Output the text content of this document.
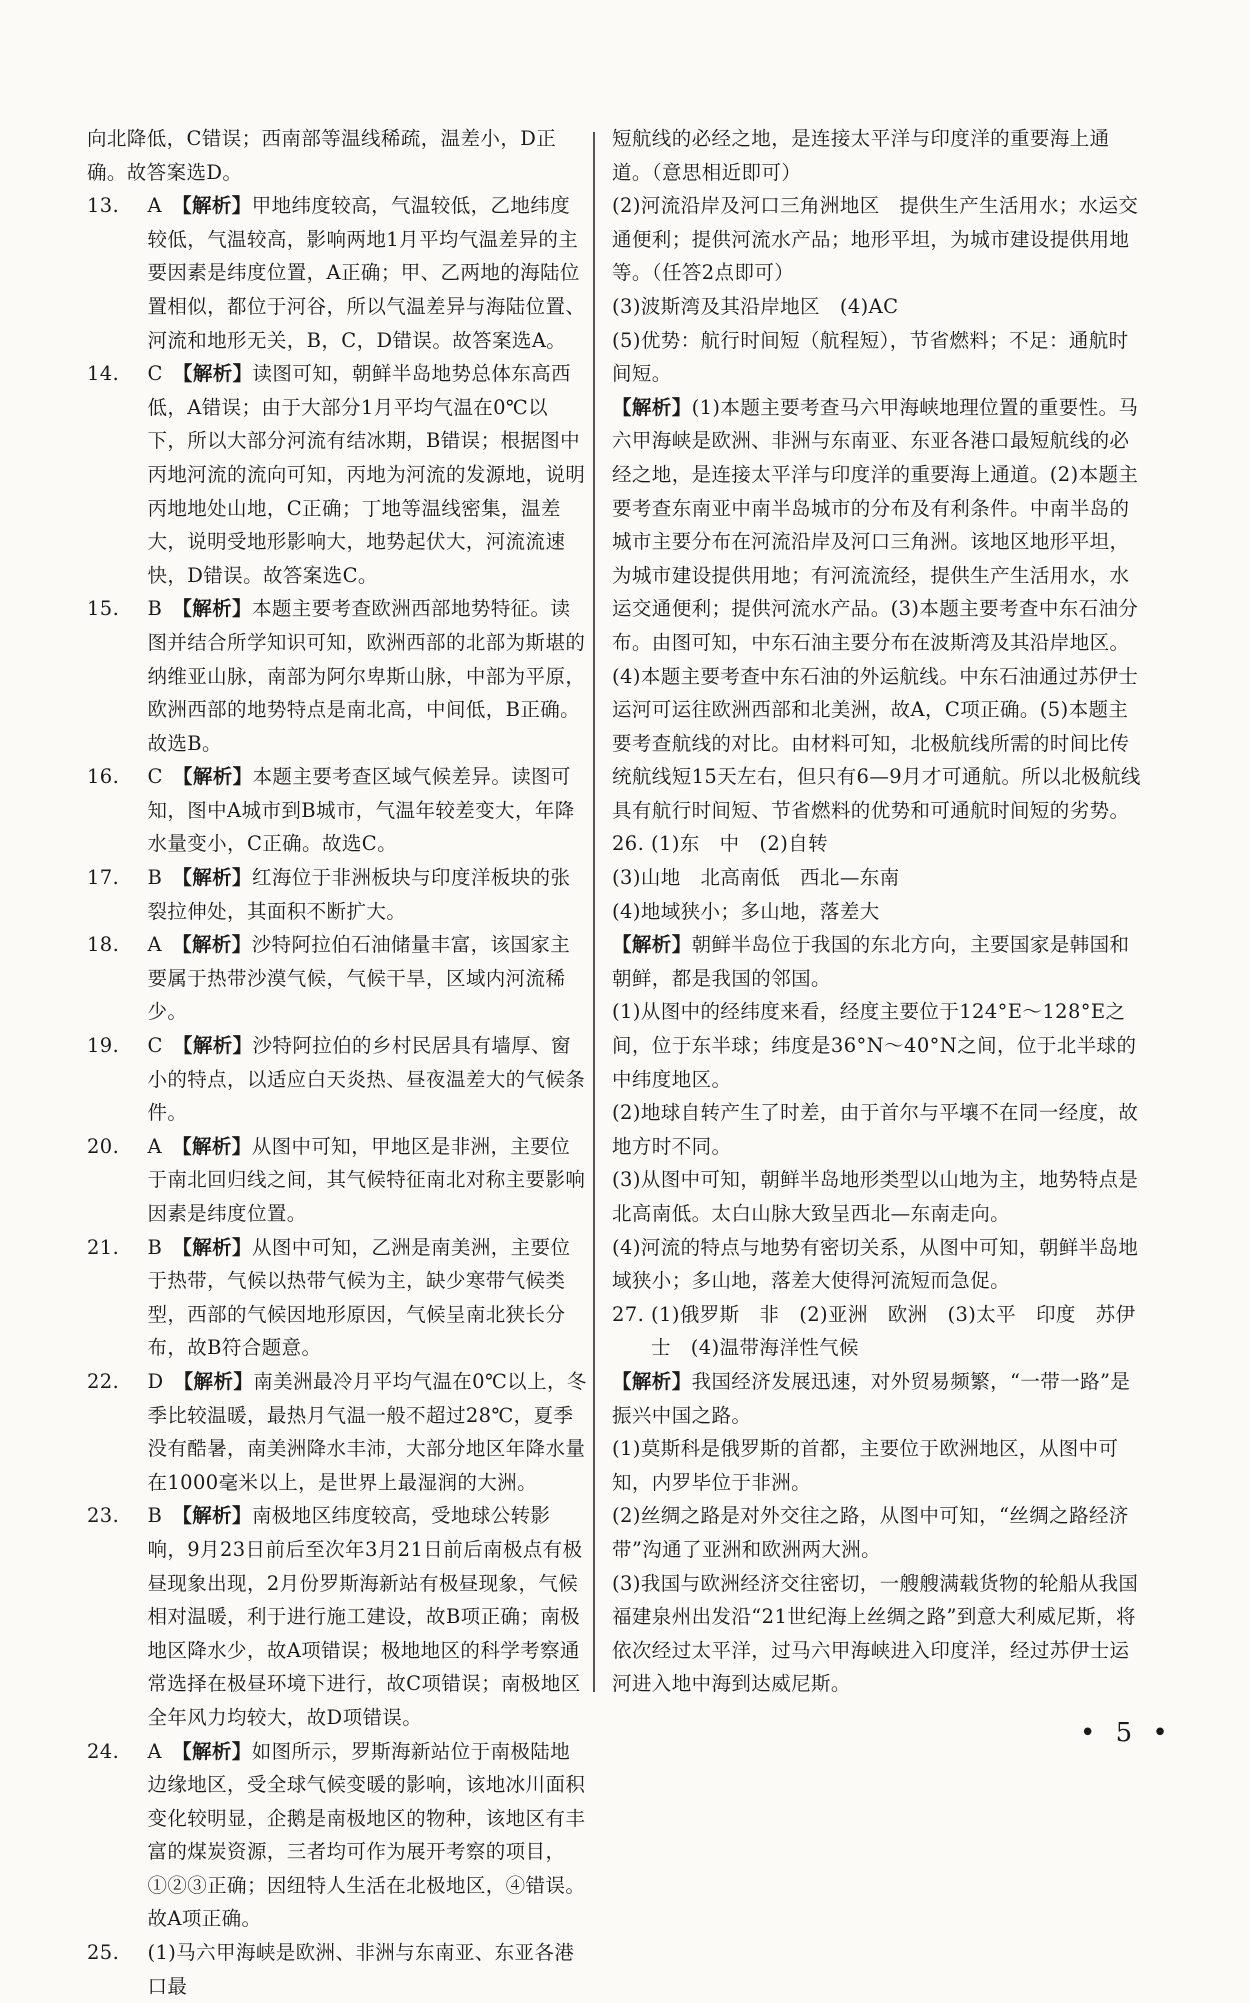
向北降低，C错误；西南部等温线稀疏，温差小，D正确。故答案选D。

13. A  【解析】甲地纬度较高，气温较低，乙地纬度较低，气温较高，影响两地1月平均气温差异的主要因素是纬度位置，A正确；甲、乙两地的海陆位置相似，都位于河谷，所以气温差异与海陆位置、河流和地形无关，B，C，D错误。故答案选A。

14. C  【解析】读图可知，朝鲜半岛地势总体东高西低，A错误；由于大部分1月平均气温在0℃以下，所以大部分河流有结冰期，B错误；根据图中丙地河流的流向可知，丙地为河流的发源地，说明丙地地处山地，C正确；丁地等温线密集，温差大，说明受地形影响大，地势起伏大，河流流速快，D错误。故答案选C。

15. B  【解析】本题主要考查欧洲西部地势特征。读图并结合所学知识可知，欧洲西部的北部为斯堪的纳维亚山脉，南部为阿尔卑斯山脉，中部为平原，欧洲西部的地势特点是南北高，中间低，B正确。故选B。

16. C  【解析】本题主要考查区域气候差异。读图可知，图中A城市到B城市，气温年较差变大，年降水量变小，C正确。故选C。

17. B  【解析】红海位于非洲板块与印度洋板块的张裂拉伸处，其面积不断扩大。

18. A  【解析】沙特阿拉伯石油储量丰富，该国家主要属于热带沙漠气候，气候干旱，区域内河流稀少。

19. C  【解析】沙特阿拉伯的乡村民居具有墙厚、窗小的特点，以适应白天炎热、昼夜温差大的气候条件。

20. A  【解析】从图中可知，甲地区是非洲，主要位于南北回归线之间，其气候特征南北对称主要影响因素是纬度位置。

21. B  【解析】从图中可知，乙洲是南美洲，主要位于热带，气候以热带气候为主，缺少寒带气候类型，西部的气候因地形原因，气候呈南北狭长分布，故B符合题意。

22. D  【解析】南美洲最冷月平均气温在0℃以上，冬季比较温暖，最热月气温一般不超过28℃，夏季没有酷暑，南美洲降水丰沛，大部分地区年降水量在1000毫米以上，是世界上最湿润的大洲。

23. B  【解析】南极地区纬度较高，受地球公转影响，9月23日前后至次年3月21日前后南极点有极昼现象出现，2月份罗斯海新站有极昼现象，气候相对温暖，利于进行施工建设，故B项正确；南极地区降水少，故A项错误；极地地区的科学考察通常选择在极昼环境下进行，故C项错误；南极地区全年风力均较大，故D项错误。

24. A  【解析】如图所示，罗斯海新站位于南极陆地边缘地区，受全球气候变暖的影响，该地冰川面积变化较明显，企鹅是南极地区的物种，该地区有丰富的煤炭资源，三者均可作为展开考察的项目，①②③正确；因纽特人生活在北极地区，④错误。故A项正确。

25. (1)马六甲海峡是欧洲、非洲与东南亚、东亚各港口最

短航线的必经之地，是连接太平洋与印度洋的重要海上通道。（意思相近即可）

(2)河流沿岸及河口三角洲地区　提供生产生活用水；水运交通便利；提供河流水产品；地形平坦，为城市建设提供用地等。（任答2点即可）

(3)波斯湾及其沿岸地区　(4)AC

(5)优势：航行时间短（航程短），节省燃料；不足：通航时间短。

【解析】(1)本题主要考查马六甲海峡地理位置的重要性。马六甲海峡是欧洲、非洲与东南亚、东亚各港口最短航线的必经之地，是连接太平洋与印度洋的重要海上通道。(2)本题主要考查东南亚中南半岛城市的分布及有利条件。中南半岛的城市主要分布在河流沿岸及河口三角洲。该地区地形平坦，为城市建设提供用地；有河流流经，提供生产生活用水，水运交通便利；提供河流水产品。(3)本题主要考查中东石油分布。由图可知，中东石油主要分布在波斯湾及其沿岸地区。(4)本题主要考查中东石油的外运航线。中东石油通过苏伊士运河可运往欧洲西部和北美洲，故A，C项正确。(5)本题主要考查航线的对比。由材料可知，北极航线所需的时间比传统航线短15天左右，但只有6—9月才可通航。所以北极航线具有航行时间短、节省燃料的优势和可通航时间短的劣势。

26. (1)东　中　(2)自转

(3)山地　北高南低　西北—东南

(4)地域狭小；多山地，落差大

【解析】朝鲜半岛位于我国的东北方向，主要国家是韩国和朝鲜，都是我国的邻国。

(1)从图中的经纬度来看，经度主要位于124°E～128°E之间，位于东半球；纬度是36°N～40°N之间，位于北半球的中纬度地区。

(2)地球自转产生了时差，由于首尔与平壤不在同一经度，故地方时不同。

(3)从图中可知，朝鲜半岛地形类型以山地为主，地势特点是北高南低。太白山脉大致呈西北—东南走向。

(4)河流的特点与地势有密切关系，从图中可知，朝鲜半岛地域狭小；多山地，落差大使得河流短而急促。

27. (1)俄罗斯　非　(2)亚洲　欧洲　(3)太平　印度　苏伊士　(4)温带海洋性气候

【解析】我国经济发展迅速，对外贸易频繁，“一带一路”是振兴中国之路。

(1)莫斯科是俄罗斯的首都，主要位于欧洲地区，从图中可知，内罗毕位于非洲。

(2)丝绸之路是对外交往之路，从图中可知，“丝绸之路经济带”沟通了亚洲和欧洲两大洲。

(3)我国与欧洲经济交往密切，一艘艘满载货物的轮船从我国福建泉州出发沿“21世纪海上丝绸之路”到意大利威尼斯，将依次经过太平洋，过马六甲海峡进入印度洋，经过苏伊士运河进入地中海到达威尼斯。

• 5 •
